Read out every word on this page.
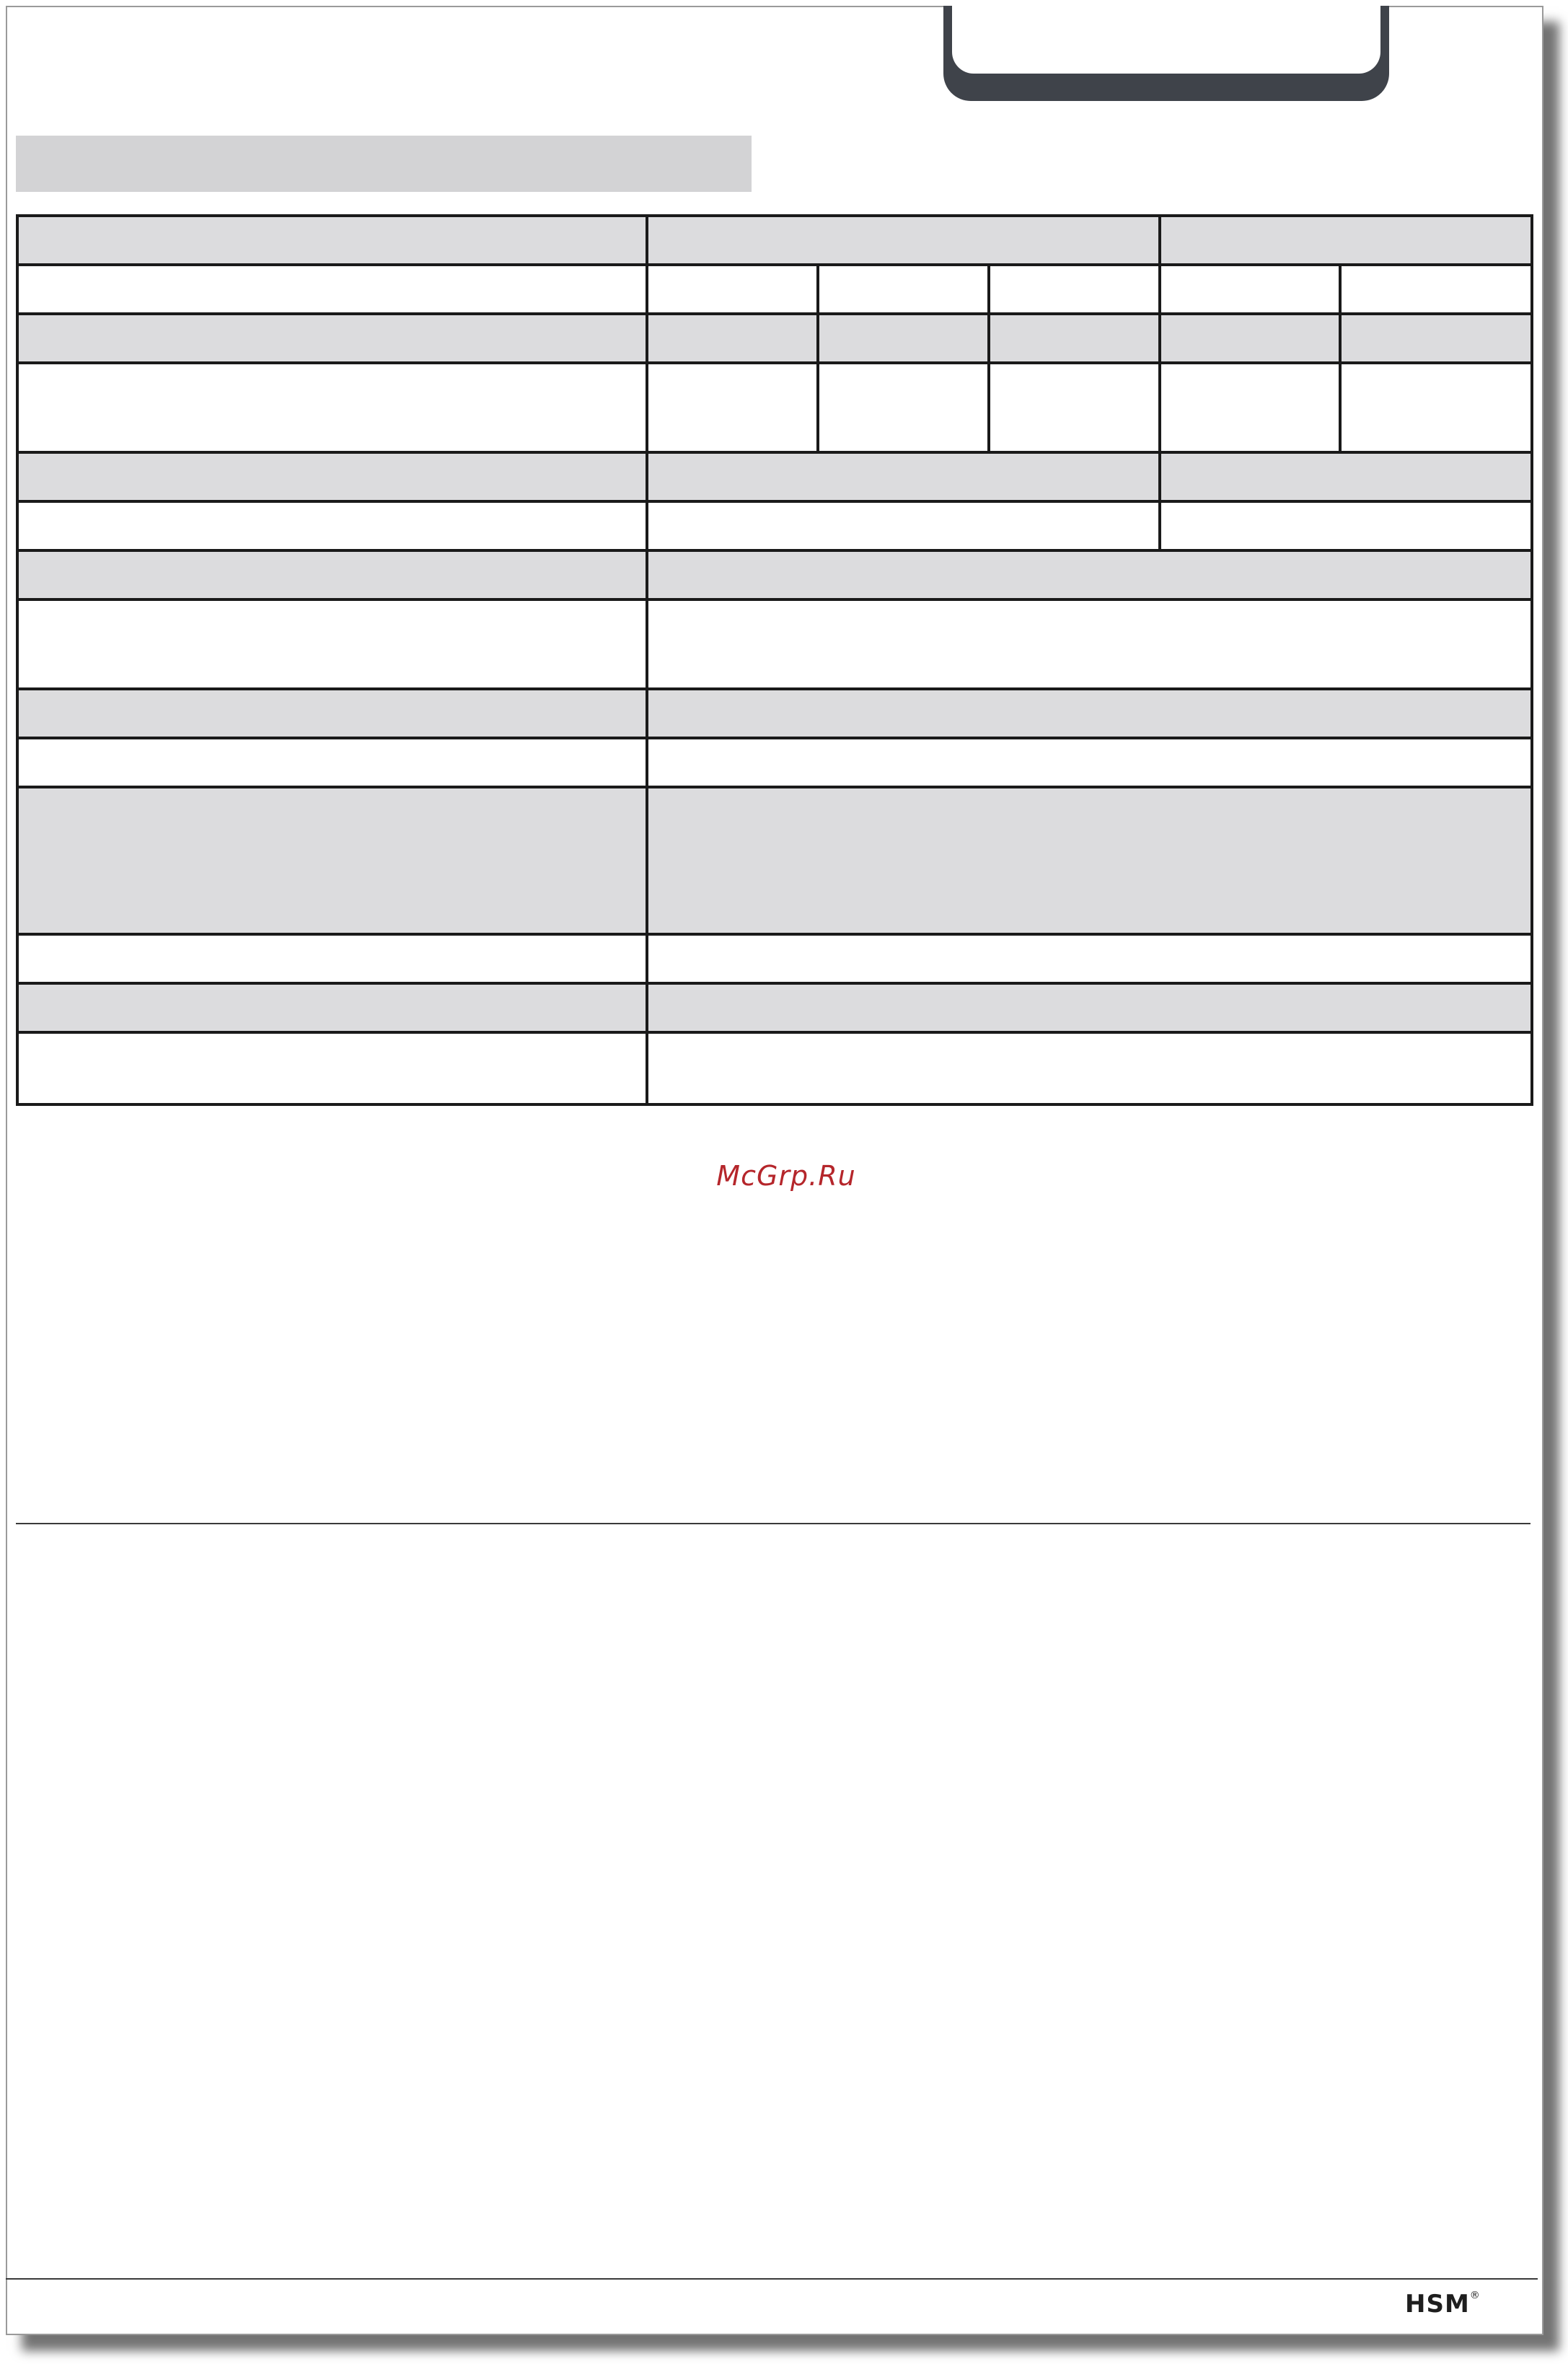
McGrp.Ru
HSM®
